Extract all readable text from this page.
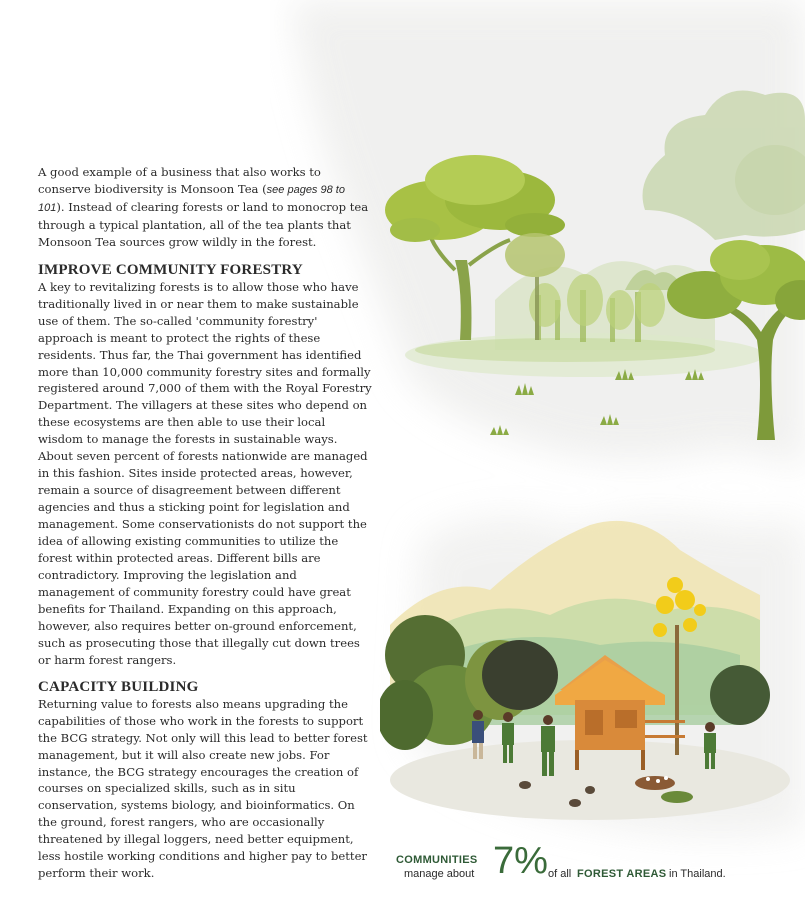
A good example of a business that also works to conserve biodiversity is Monsoon Tea (see pages 98 to 101). Instead of clearing forests or land to monocrop tea through a typical plantation, all of the tea plants that Monsoon Tea sources grow wildly in the forest.

IMPROVE COMMUNITY FORESTRY

A key to revitalizing forests is to allow those who have traditionally lived in or near them to make sustainable use of them. The so-called 'community forestry' approach is meant to protect the rights of these residents. Thus far, the Thai government has identified more than 10,000 community forestry sites and formally registered around 7,000 of them with the Royal Forestry Department. The villagers at these sites who depend on these ecosystems are then able to use their local wisdom to manage the forests in sustainable ways. About seven percent of forests nationwide are managed in this fashion. Sites inside protected areas, however, remain a source of disagreement between different agencies and thus a sticking point for legislation and management. Some conservationists do not support the idea of allowing existing communities to utilize the forest within protected areas. Different bills are contradictory. Improving the legislation and management of community forestry could have great benefits for Thailand. Expanding on this approach, however, also requires better on-ground enforcement, such as prosecuting those that illegally cut down trees or harm forest rangers.

CAPACITY BUILDING

Returning value to forests also means upgrading the capabilities of those who work in the forests to support the BCG strategy. Not only will this lead to better forest management, but it will also create new jobs. For instance, the BCG strategy encourages the creation of courses on specialized skills, such as in situ conservation, systems biology, and bioinformatics. On the ground, forest rangers, who are occasionally threatened by illegal loggers, need better equipment, less hostile working conditions and higher pay to better perform their work.

COMMUNITIES
manage about 7% of all FOREST AREAS in Thailand.
